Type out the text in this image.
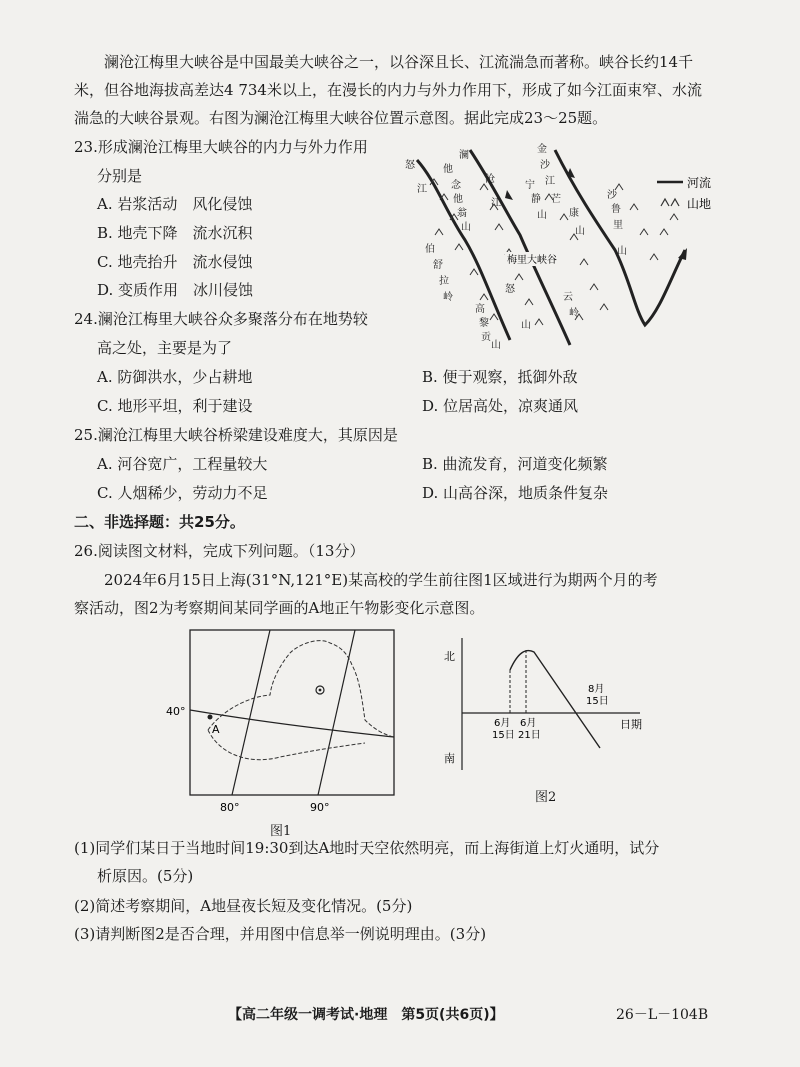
澜沧江梅里大峡谷是中国最美大峡谷之一，以谷深且长、江流湍急而著称。峡谷长约14千
米，但谷地海拔高差达4 734米以上，在漫长的内力与外力作用下，形成了如今江面束窄、水流
湍急的大峡谷景观。右图为澜沧江梅里大峡谷位置示意图。据此完成23～25题。
23.形成澜沧江梅里大峡谷的内力与外力作用
分别是
A. 岩浆活动　风化侵蚀
B. 地壳下降　流水沉积
C. 地壳抬升　流水侵蚀
D. 变质作用　冰川侵蚀
24.澜沧江梅里大峡谷众多聚落分布在地势较
高之处，主要是为了
A. 防御洪水，少占耕地	B. 便于观察，抵御外敌
C. 地形平坦，利于建设	D. 位居高处，凉爽通风
25.澜沧江梅里大峡谷桥梁建设难度大，其原因是
A. 河谷宽广，工程量较大	B. 曲流发育，河道变化频繁
C. 人烟稀少，劳动力不足	D. 山高谷深，地质条件复杂
二、非选择题：共25分。
26.阅读图文材料，完成下列问题。（13分）
2024年6月15日上海(31°N,121°E)某高校的学生前往图1区域进行为期两个月的考
察活动，图2为考察期间某同学画的A地正午物影变化示意图。
河流
山地
怒
江
澜
沧
江
金
沙
江
他
念
他
翁
山
宁
静
山
芒
康
山
沙
鲁
里
山
伯
舒
拉
岭
怒
山
云
岭
高
黎
贡
山
梅里大峡谷
A
40°
80°	90°
图1
北
南
日期
6月
15日
6月
21日
8月
15日
图2
(1)同学们某日于当地时间19:30到达A地时天空依然明亮，而上海街道上灯火通明，试分
析原因。(5分)
(2)简述考察期间，A地昼夜长短及变化情况。(5分)
(3)请判断图2是否合理，并用图中信息举一例说明理由。(3分)
【高二年级一调考试·地理　第5页(共6页)】	26－L－104B
